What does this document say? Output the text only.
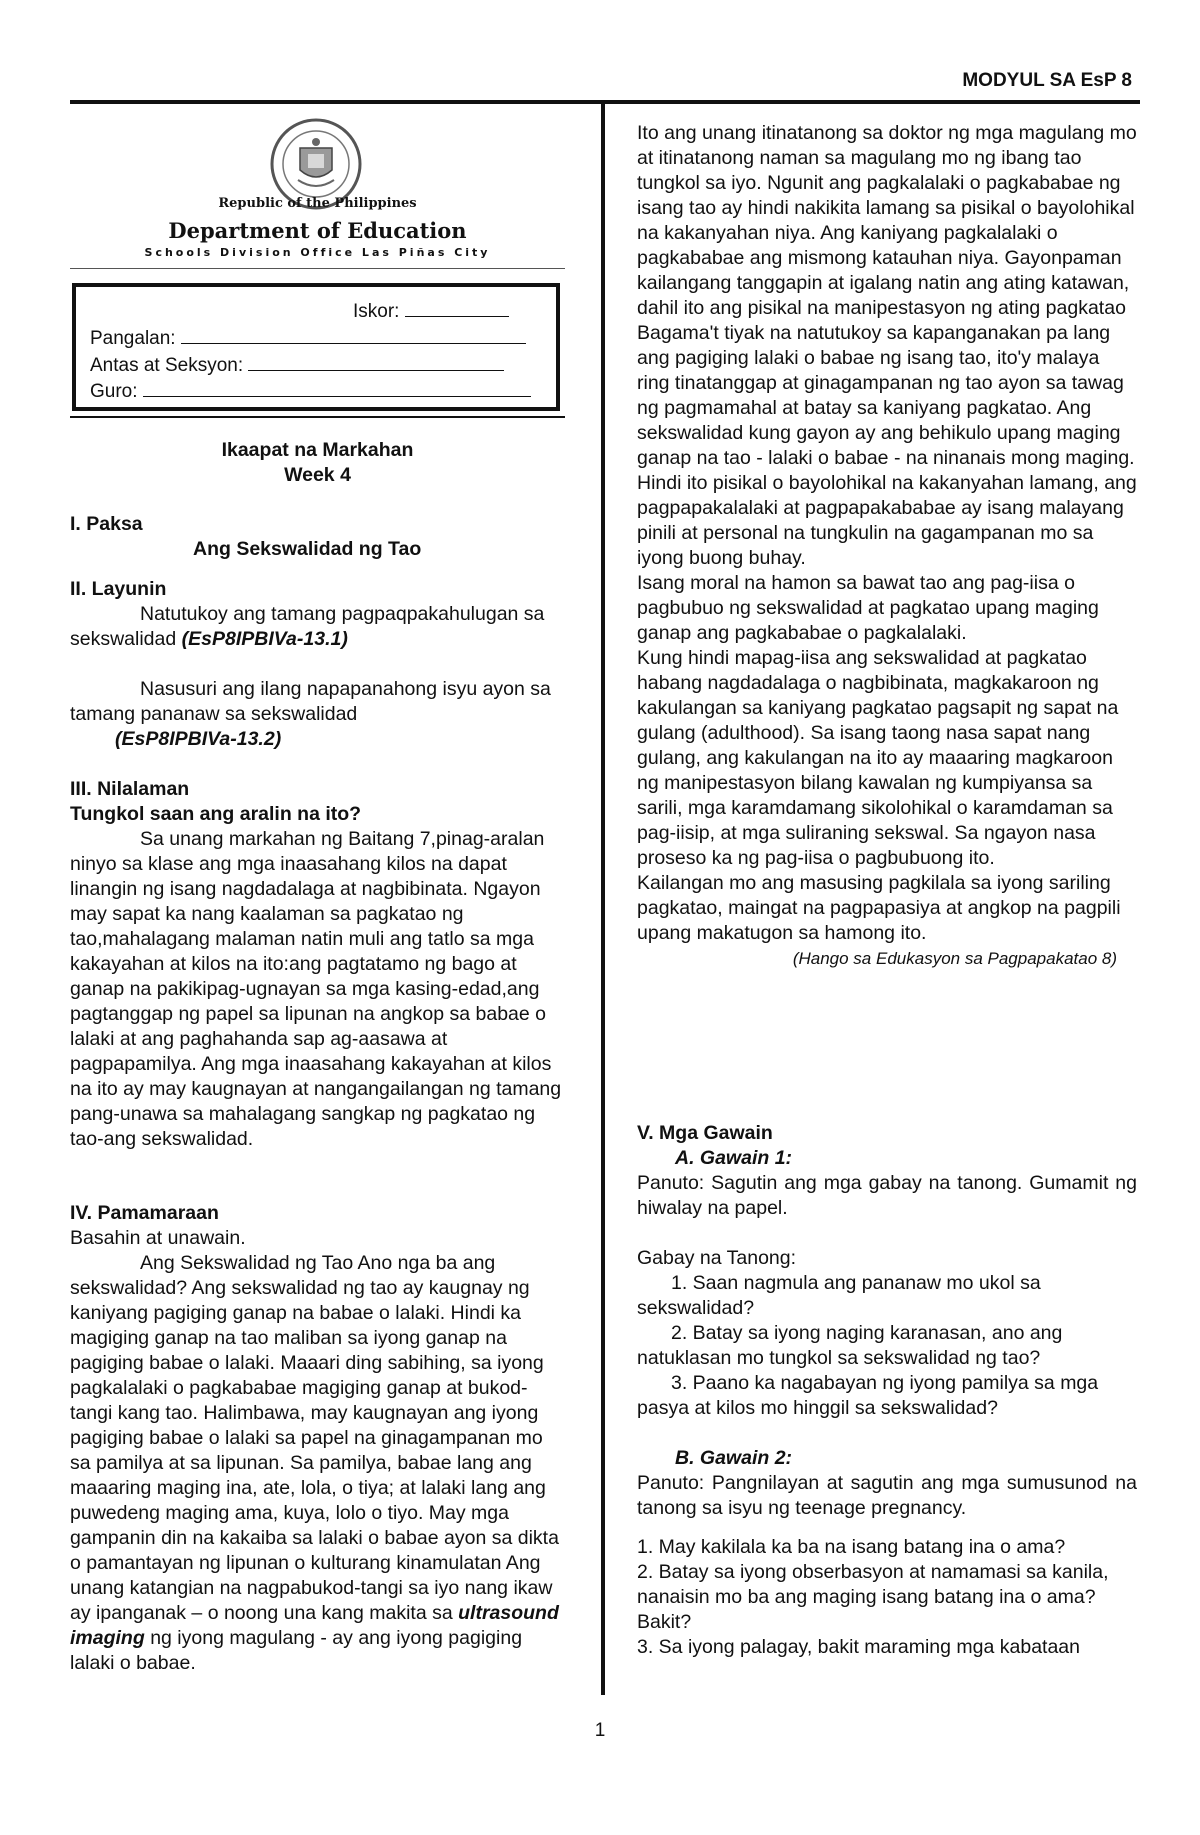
MODYUL SA EsP 8
Republic of the Philippines
Department of Education
Schools Division Office Las Piñas City
Iskor:
Pangalan:
Antas at Seksyon:
Guro:
Ikaapat na Markahan
Week 4
I. Paksa
Ang Sekswalidad ng Tao

II. Layunin

Natutukoy ang tamang pagpaqpakahulugan sa sekswalidad (EsP8IPBIVa-13.1)

Nasusuri ang ilang napapanahong isyu ayon sa tamang pananaw sa sekswalidad

(EsP8IPBIVa-13.2)

III. Nilalaman

Tungkol saan ang aralin na ito?

Sa unang markahan ng Baitang 7,pinag-aralan ninyo sa klase ang mga inaasahang kilos na dapat linangin ng isang nagdadalaga at nagbibinata. Ngayon may sapat ka nang kaalaman sa pagkatao ng tao,mahalagang malaman natin muli ang tatlo sa mga kakayahan at kilos na ito:ang pagtatamo ng bago at ganap na pakikipag-ugnayan sa mga kasing-edad,ang pagtanggap ng papel sa lipunan na angkop sa babae o lalaki at ang paghahanda sap ag-aasawa at pagpapamilya. Ang mga inaasahang kakayahan at kilos na ito ay may kaugnayan at nangangailangan ng tamang pang-unawa sa mahalagang sangkap ng pagkatao ng tao-ang sekswalidad.

IV. Pamamaraan

Basahin at unawain.

Ang Sekswalidad ng Tao Ano nga ba ang sekswalidad? Ang sekswalidad ng tao ay kaugnay ng kaniyang pagiging ganap na babae o lalaki. Hindi ka magiging ganap na tao maliban sa iyong ganap na pagiging babae o lalaki. Maaari ding sabihing, sa iyong pagkalalaki o pagkababae magiging ganap at bukod-tangi kang tao. Halimbawa, may kaugnayan ang iyong pagiging babae o lalaki sa papel na ginagampanan mo sa pamilya at sa lipunan. Sa pamilya, babae lang ang maaaring maging ina, ate, lola, o tiya; at lalaki lang ang puwedeng maging ama, kuya, lolo o tiyo. May mga gampanin din na kakaiba sa lalaki o babae ayon sa dikta o pamantayan ng lipunan o kulturang kinamulatan Ang unang katangian na nagpabukod-tangi sa iyo nang ikaw ay ipanganak – o noong una kang makita sa ultrasound imaging ng iyong magulang - ay ang iyong pagiging lalaki o babae.

Ito ang unang itinatanong sa doktor ng mga magulang mo at itinatanong naman sa magulang mo ng ibang tao tungkol sa iyo. Ngunit ang pagkalalaki o pagkababae ng isang tao ay hindi nakikita lamang sa pisikal o bayolohikal na kakanyahan niya. Ang kaniyang pagkalalaki o pagkababae ang mismong katauhan niya. Gayonpaman kailangang tanggapin at igalang natin ang ating katawan, dahil ito ang pisikal na manipestasyon ng ating pagkatao Bagama't tiyak na natutukoy sa kapanganakan pa lang ang pagiging lalaki o babae ng isang tao, ito'y malaya ring tinatanggap at ginagampanan ng tao ayon sa tawag ng pagmamahal at batay sa kaniyang pagkatao. Ang sekswalidad kung gayon ay ang behikulo upang maging ganap na tao - lalaki o babae - na ninanais mong maging. Hindi ito pisikal o bayolohikal na kakanyahan lamang, ang pagpapakalalaki at pagpapakababae ay isang malayang pinili at personal na tungkulin na gagampanan mo sa iyong buong buhay.

Isang moral na hamon sa bawat tao ang pag-iisa o pagbubuo ng sekswalidad at pagkatao upang maging ganap ang pagkababae o pagkalalaki.

Kung hindi mapag-iisa ang sekswalidad at pagkatao habang nagdadalaga o nagbibinata, magkakaroon ng kakulangan sa kaniyang pagkatao pagsapit ng sapat na gulang (adulthood). Sa isang taong nasa sapat nang gulang, ang kakulangan na ito ay maaaring magkaroon ng manipestasyon bilang kawalan ng kumpiyansa sa sarili, mga karamdamang sikolohikal o karamdaman sa pag-iisip, at mga suliraning sekswal. Sa ngayon nasa proseso ka ng pag-iisa o pagbubuong ito.

Kailangan mo ang masusing pagkilala sa iyong sariling pagkatao, maingat na pagpapasiya at angkop na pagpili upang makatugon sa hamong ito.

(Hango sa Edukasyon sa Pagpapakatao 8)

V. Mga Gawain

A. Gawain 1:

Panuto: Sagutin ang mga gabay na tanong. Gumamit ng hiwalay na papel.

Gabay na Tanong:

1. Saan nagmula ang pananaw mo ukol sa sekswalidad?

2. Batay sa iyong naging karanasan, ano ang natuklasan mo tungkol sa sekswalidad ng tao?

3. Paano ka nagabayan ng iyong pamilya sa mga pasya at kilos mo hinggil sa sekswalidad?

B. Gawain 2:

Panuto: Pangnilayan at sagutin ang mga sumusunod na tanong sa isyu ng teenage pregnancy.

1. May kakilala ka ba na isang batang ina o ama?

2. Batay sa iyong obserbasyon at namamasi sa kanila, nanaisin mo ba ang maging isang batang ina o ama? Bakit?

3. Sa iyong palagay, bakit maraming mga kabataan

1
